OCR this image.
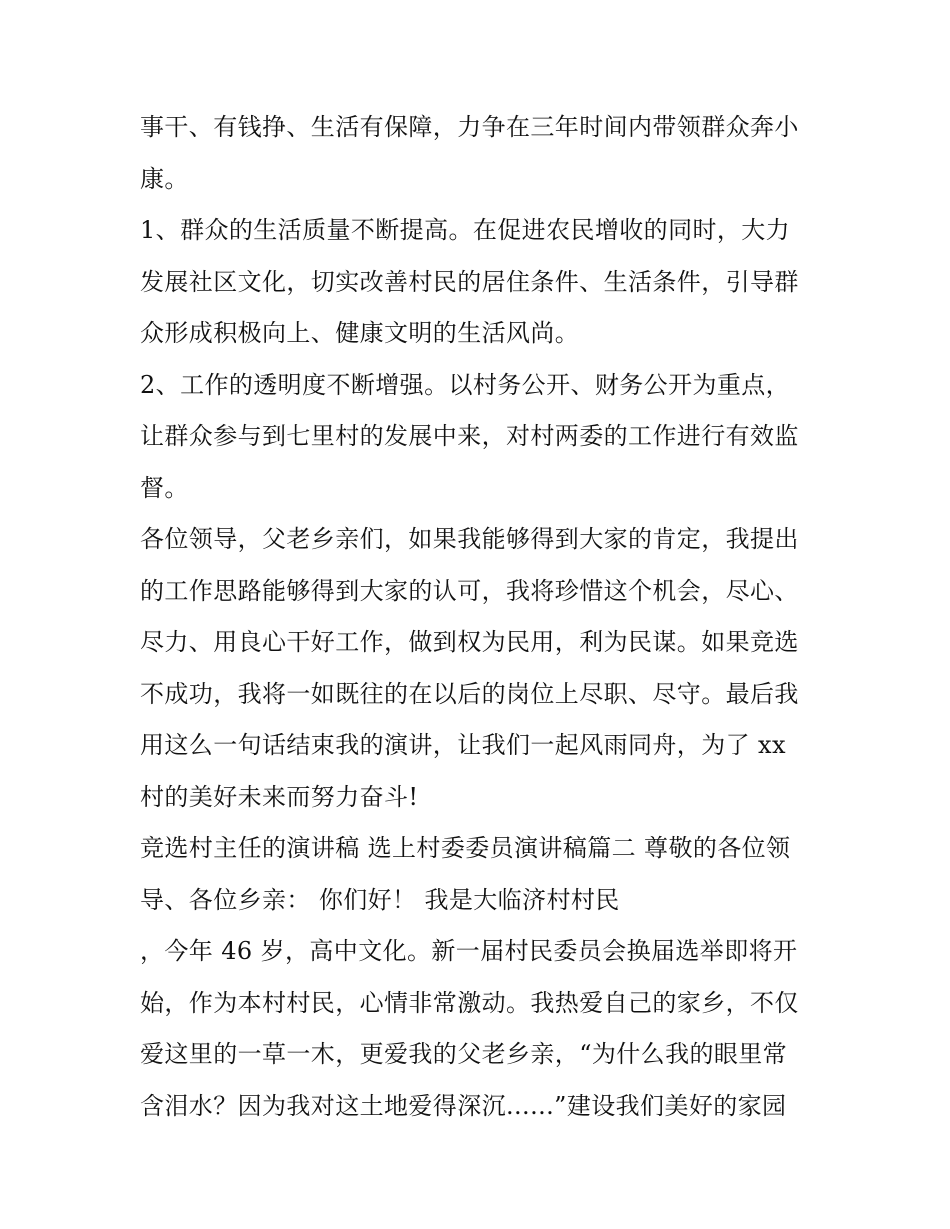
事干、有钱挣、生活有保障，力争在三年时间内带领群众奔小
康。
1、群众的生活质量不断提高。在促进农民增收的同时，大力
发展社区文化，切实改善村民的居住条件、生活条件，引导群
众形成积极向上、健康文明的生活风尚。
2、工作的透明度不断增强。以村务公开、财务公开为重点，
让群众参与到七里村的发展中来，对村两委的工作进行有效监
督。
各位领导，父老乡亲们，如果我能够得到大家的肯定，我提出
的工作思路能够得到大家的认可，我将珍惜这个机会，尽心、
尽力、用良心干好工作，做到权为民用，利为民谋。如果竞选
不成功，我将一如既往的在以后的岗位上尽职、尽守。最后我
用这么一句话结束我的演讲，让我们一起风雨同舟，为了 xx
村的美好未来而努力奋斗!
竞选村主任的演讲稿 选上村委委员演讲稿篇二 尊敬的各位领
导、各位乡亲： 你们好！ 我是大临济村村民
，今年 46 岁，高中文化。新一届村民委员会换届选举即将开
始，作为本村村民，心情非常激动。我热爱自己的家乡，不仅
爱这里的一草一木，更爱我的父老乡亲，“为什么我的眼里常
含泪水？因为我对这土地爱得深沉......”建设我们美好的家园
